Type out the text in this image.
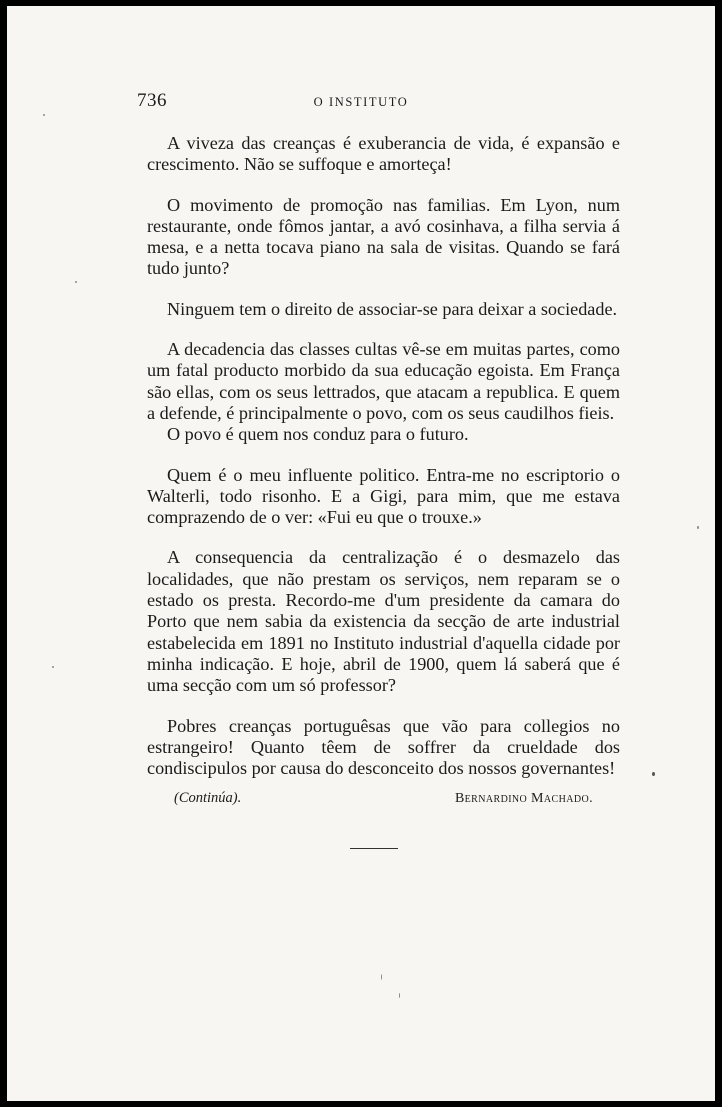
736	O INSTITUTO

A viveza das creanças é exuberancia de vida, é expansão e crescimento. Não se suffoque e amorteça!

O movimento de promoção nas familias. Em Lyon, num restaurante, onde fômos jantar, a avó cosinhava, a filha servia á mesa, e a netta tocava piano na sala de visitas. Quando se fará tudo junto?

Ninguem tem o direito de associar-se para deixar a sociedade.

A decadencia das classes cultas vê-se em muitas partes, como um fatal producto morbido da sua educação egoista. Em França são ellas, com os seus lettrados, que atacam a republica. E quem a defende, é principalmente o povo, com os seus caudilhos fieis.

O povo é quem nos conduz para o futuro.

Quem é o meu influente politico. Entra-me no escriptorio o Walterli, todo risonho. E a Gigi, para mim, que me estava comprazendo de o ver: «Fui eu que o trouxe.»

A consequencia da centralização é o desmazelo das localidades, que não prestam os serviços, nem reparam se o estado os presta. Recordo-me d'um presidente da camara do Porto que nem sabia da existencia da secção de arte industrial estabelecida em 1891 no Instituto industrial d'aquella cidade por minha indicação. E hoje, abril de 1900, quem lá saberá que é uma secção com um só professor?

Pobres creanças portuguêsas que vão para collegios no estrangeiro! Quanto têem de soffrer da crueldade dos condiscipulos por causa do desconceito dos nossos governantes!

(Continúa).	Bernardino Machado.
